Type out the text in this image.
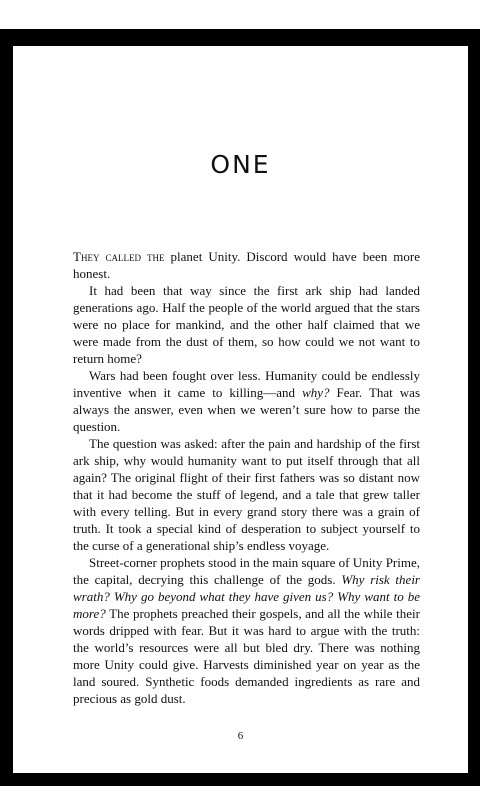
ONE

They called the planet Unity. Discord would have been more honest.

It had been that way since the first ark ship had landed generations ago. Half the people of the world argued that the stars were no place for mankind, and the other half claimed that we were made from the dust of them, so how could we not want to return home?

Wars had been fought over less. Humanity could be endlessly inventive when it came to killing—and why? Fear. That was always the answer, even when we weren’t sure how to parse the question.

The question was asked: after the pain and hardship of the first ark ship, why would humanity want to put itself through that all again? The original flight of their first fathers was so distant now that it had become the stuff of legend, and a tale that grew taller with every telling. But in every grand story there was a grain of truth. It took a special kind of desperation to subject yourself to the curse of a generational ship’s endless voyage.

Street-corner prophets stood in the main square of Unity Prime, the capital, decrying this challenge of the gods. Why risk their wrath? Why go beyond what they have given us? Why want to be more? The prophets preached their gospels, and all the while their words dripped with fear. But it was hard to argue with the truth: the world’s resources were all but bled dry. There was nothing more Unity could give. Harvests diminished year on year as the land soured. Synthetic foods demanded ingredients as rare and precious as gold dust.

6
